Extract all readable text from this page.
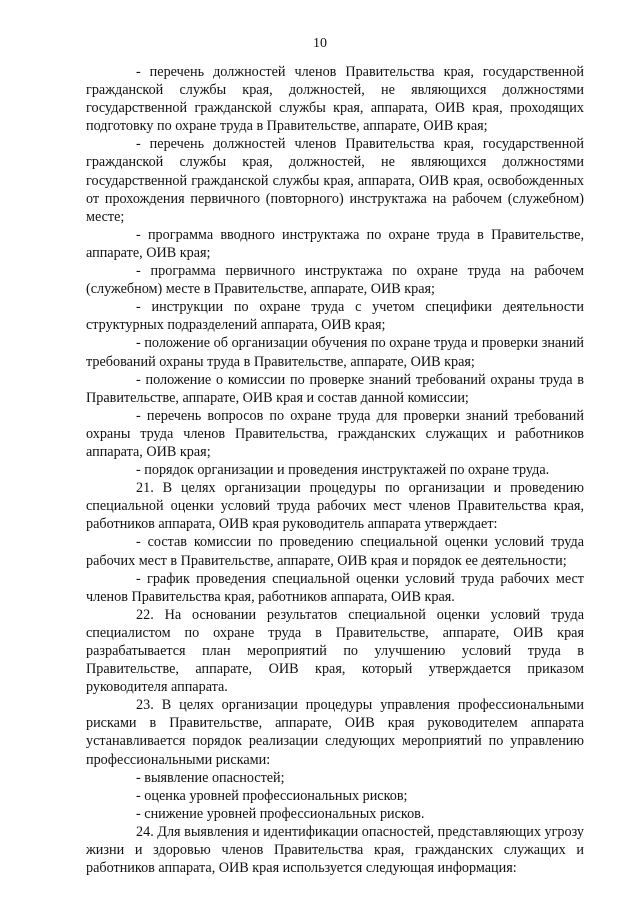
10

- перечень должностей членов Правительства края, государственной гражданской службы края, должностей, не являющихся должностями государственной гражданской службы края, аппарата, ОИВ края, проходящих подготовку по охране труда в Правительстве, аппарате, ОИВ края;

- перечень должностей членов Правительства края, государственной гражданской службы края, должностей, не являющихся должностями государственной гражданской службы края, аппарата, ОИВ края, освобожденных от прохождения первичного (повторного) инструктажа на рабочем (служебном) месте;

- программа вводного инструктажа по охране труда в Правительстве, аппарате, ОИВ края;

- программа первичного инструктажа по охране труда на рабочем (служебном) месте в Правительстве, аппарате, ОИВ края;

- инструкции по охране труда с учетом специфики деятельности структурных подразделений аппарата, ОИВ края;

- положение об организации обучения по охране труда и проверки знаний требований охраны труда в Правительстве, аппарате, ОИВ края;

- положение о комиссии по проверке знаний требований охраны труда в Правительстве, аппарате, ОИВ края и состав данной комиссии;

- перечень вопросов по охране труда для проверки знаний требований охраны труда членов Правительства, гражданских служащих и работников аппарата, ОИВ края;

- порядок организации и проведения инструктажей по охране труда.

21. В целях организации процедуры по организации и проведению специальной оценки условий труда рабочих мест членов Правительства края, работников аппарата, ОИВ края руководитель аппарата утверждает:

- состав комиссии по проведению специальной оценки условий труда рабочих мест в Правительстве, аппарате, ОИВ края и порядок ее деятельности;

- график проведения специальной оценки условий труда рабочих мест членов Правительства края, работников аппарата, ОИВ края.

22. На основании результатов специальной оценки условий труда специалистом по охране труда в Правительстве, аппарате, ОИВ края разрабатывается план мероприятий по улучшению условий труда в Правительстве, аппарате, ОИВ края, который утверждается приказом руководителя аппарата.

23. В целях организации процедуры управления профессиональными рисками в Правительстве, аппарате, ОИВ края руководителем аппарата устанавливается порядок реализации следующих мероприятий по управлению профессиональными рисками:

- выявление опасностей;

- оценка уровней профессиональных рисков;

- снижение уровней профессиональных рисков.

24. Для выявления и идентификации опасностей, представляющих угрозу жизни и здоровью членов Правительства края, гражданских служащих и работников аппарата, ОИВ края используется следующая информация:
